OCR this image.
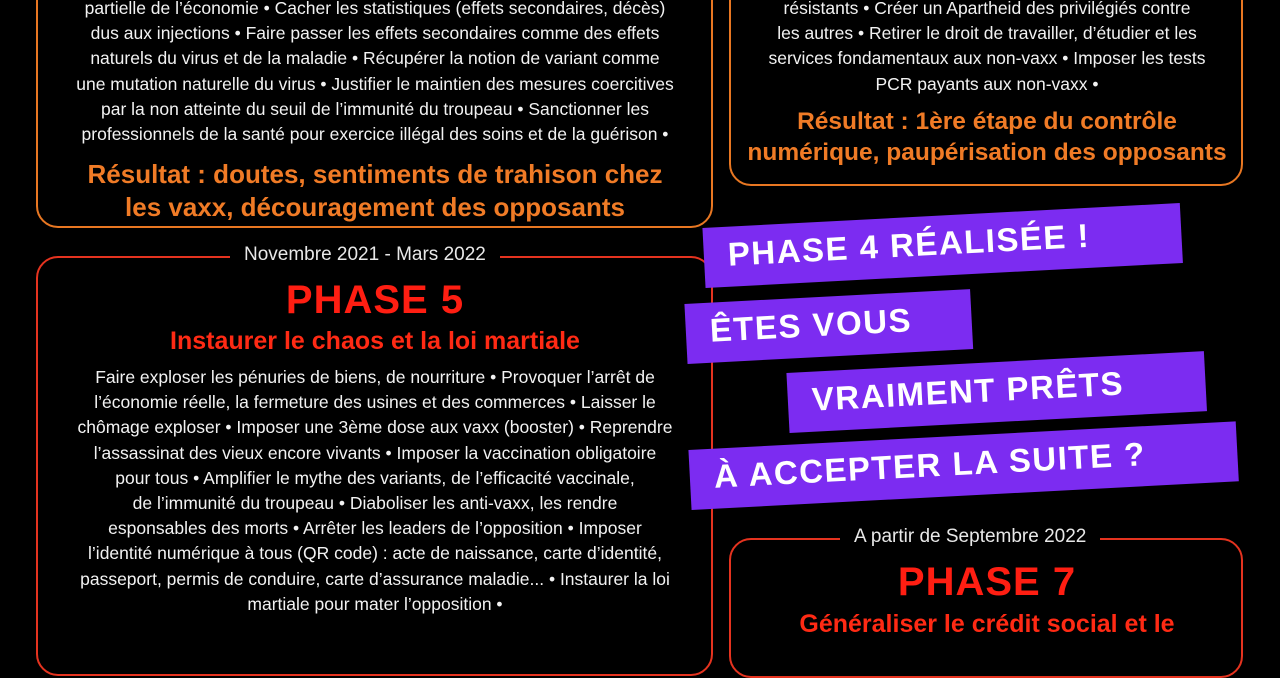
partielle de l’économie • Cacher les statistiques (effets secondaires, décès)
dus aux injections • Faire passer les effets secondaires comme des effets
naturels du virus et de la maladie • Récupérer la notion de variant comme
une mutation naturelle du virus • Justifier le maintien des mesures coercitives
par la non atteinte du seuil de l’immunité du troupeau • Sanctionner les
professionnels de la santé pour exercice illégal des soins et de la guérison •
Résultat : doutes, sentiments de trahison chez
les vaxx, découragement des opposants
résistants • Créer un Apartheid des privilégiés contre
les autres • Retirer le droit de travailler, d’étudier et les
services fondamentaux aux non-vaxx • Imposer les tests
PCR payants aux non-vaxx •
Résultat : 1ère étape du contrôle
numérique, paupérisation des opposants
Novembre 2021 - Mars 2022
PHASE 5
Instaurer le chaos et la loi martiale
Faire exploser les pénuries de biens, de nourriture • Provoquer l’arrêt de
l’économie réelle, la fermeture des usines et des commerces • Laisser le
chômage exploser • Imposer une 3ème dose aux vaxx (booster) • Reprendre
l’assassinat des vieux encore vivants • Imposer la vaccination obligatoire
pour tous • Amplifier le mythe des variants, de l’efficacité vaccinale,
de l’immunité du troupeau • Diaboliser les anti-vaxx, les rendre
esponsables des morts • Arrêter les leaders de l’opposition • Imposer
l’identité numérique à tous (QR code) : acte de naissance, carte d’identité,
passeport, permis de conduire, carte d’assurance maladie... • Instaurer la loi
martiale pour mater l’opposition •
A partir de Septembre 2022
PHASE 7
Généraliser le crédit social et le
PHASE 4 RÉALISÉE !
ÊTES VOUS
VRAIMENT PRÊTS
À ACCEPTER LA SUITE ?
